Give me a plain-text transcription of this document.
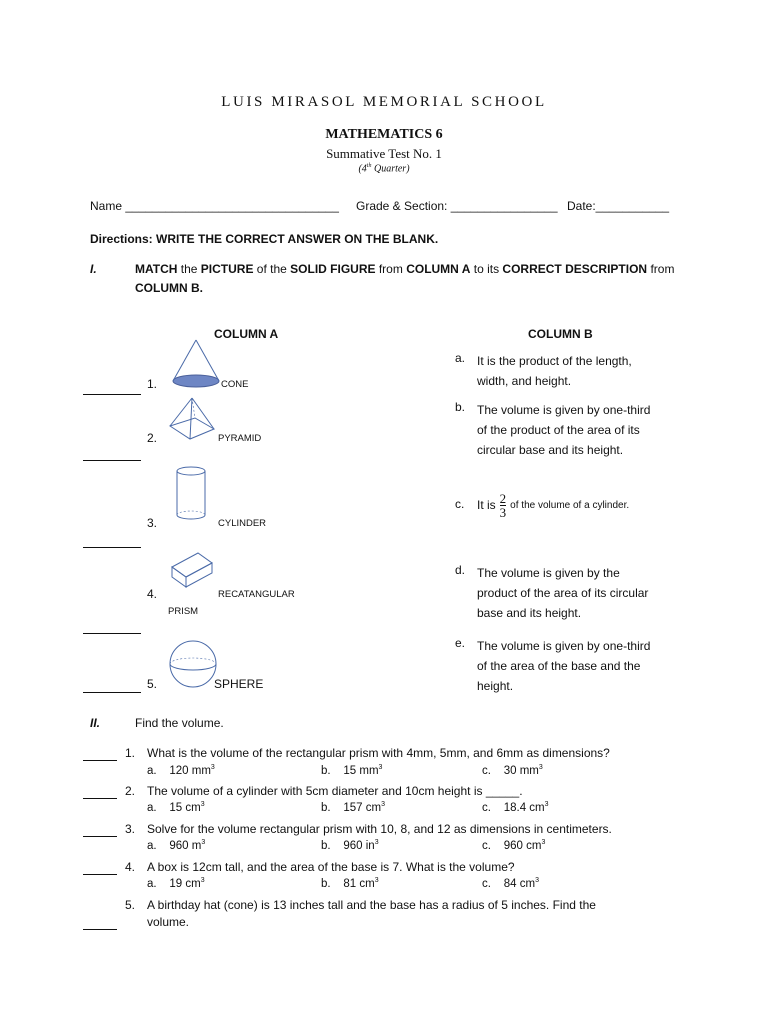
LUIS MIRASOL MEMORIAL SCHOOL
MATHEMATICS 6
Summative Test No. 1
(4th Quarter)
Name ________________________________ Grade & Section: ________________ Date:___________
Directions: WRITE THE CORRECT ANSWER ON THE BLANK.
I.	MATCH the PICTURE of the SOLID FIGURE from COLUMN A to its CORRECT DESCRIPTION from
COLUMN B.
COLUMN A	COLUMN B
1.	CONE
2.	PYRAMID
3.	CYLINDER
4.	RECATANGULAR
PRISM
5.	SPHERE
a. It is the product of the length,
width, and height.
b. The volume is given by one-third
of the product of the area of its
circular base and its height.
c. It is $\frac{2}{3}$ of the volume of a cylinder.
d. The volume is given by the
product of the area of its circular
base and its height.
e. The volume is given by one-third
of the area of the base and the
height.
II.	Find the volume.
1. What is the volume of the rectangular prism with 4mm, 5mm, and 6mm as dimensions?
a. 120 $mm^3$	b. 15 $mm^3$	c. 30 $mm^3$
2. The volume of a cylinder with 5cm diameter and 10cm height is _____.
a. 15 $cm^3$	b. 157 $cm^3$	c. 18.4 $cm^3$
3. Solve for the volume rectangular prism with 10, 8, and 12 as dimensions in centimeters.
a. 960 $m^3$	b. 960 $in^3$	c. 960 $cm^3$
4. A box is 12cm tall, and the area of the base is 7. What is the volume?
a. 19 $cm^3$	b. 81 $cm^3$	c. 84 $cm^3$
5. A birthday hat (cone) is 13 inches tall and the base has a radius of 5 inches. Find the
volume.
